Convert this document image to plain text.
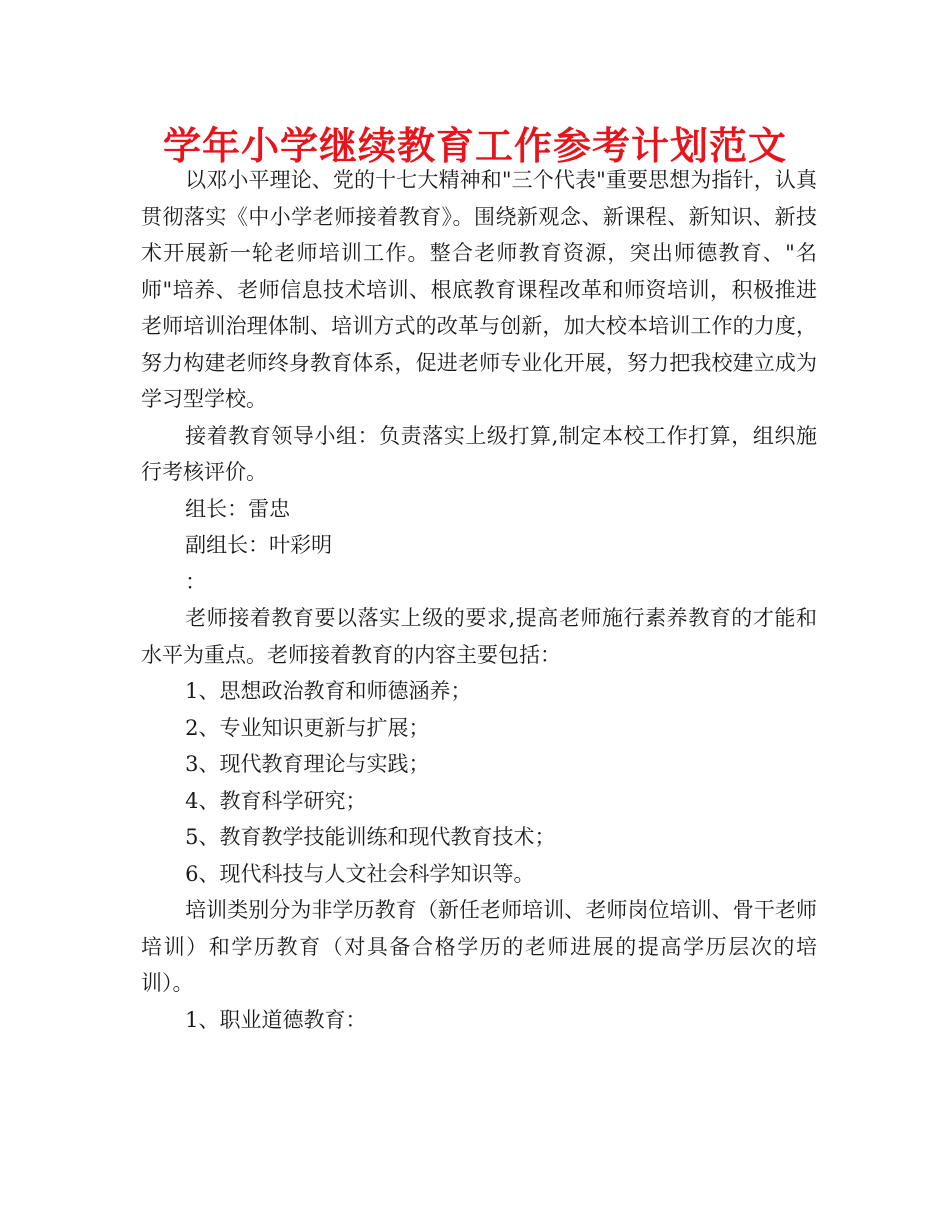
学年小学继续教育工作参考计划范文

以邓小平理论、党的十七大精神和"三个代表"重要思想为指针，认真贯彻落实《中小学老师接着教育》。围绕新观念、新课程、新知识、新技术开展新一轮老师培训工作。整合老师教育资源，突出师德教育、"名师"培养、老师信息技术培训、根底教育课程改革和师资培训，积极推进老师培训治理体制、培训方式的改革与创新，加大校本培训工作的力度，努力构建老师终身教育体系，促进老师专业化开展，努力把我校建立成为学习型学校。

接着教育领导小组：负责落实上级打算,制定本校工作打算，组织施行考核评价。

组长：雷忠

副组长：叶彩明

：

老师接着教育要以落实上级的要求,提高老师施行素养教育的才能和水平为重点。老师接着教育的内容主要包括：

1、思想政治教育和师德涵养；

2、专业知识更新与扩展；

3、现代教育理论与实践；

4、教育科学研究；

5、教育教学技能训练和现代教育技术；

6、现代科技与人文社会科学知识等。

培训类别分为非学历教育（新任老师培训、老师岗位培训、骨干老师培训）和学历教育（对具备合格学历的老师进展的提高学历层次的培训）。

1、职业道德教育：
